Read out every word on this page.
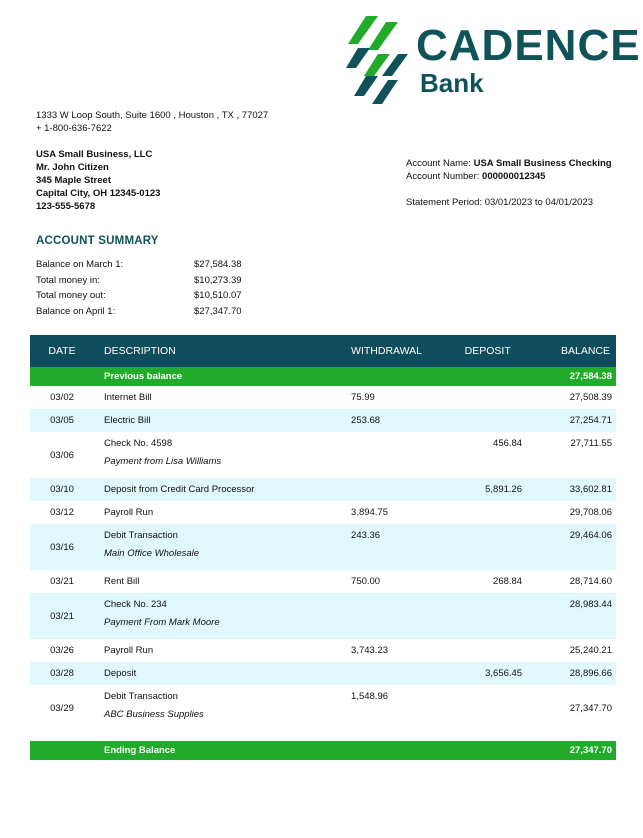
CADENCE
Bank
1333 W Loop South, Suite 1600 , Houston , TX , 77027
+ 1-800-636-7622
USA Small Business, LLC
Mr. John Citizen
345 Maple Street
Capital City, OH 12345-0123
123-555-5678
Account Name: USA Small Business Checking
Account Number: 000000012345
Statement Period: 03/01/2023 to 04/01/2023
ACCOUNT SUMMARY
Balance on March 1:	$27,584.38
Total money in:	$10,273.39
Total money out:	$10,510.07
Balance on April 1:	$27,347.70
DATE	DESCRIPTION	WITHDRAWAL	DEPOSIT	BALANCE
	Previous balance			27,584.38
03/02	Internet Bill	75.99		27,508.39
03/05	Electric Bill	253.68		27,254.71
03/06	Check No. 4598
Payment from Lisa Williams		456.84	27,711.55
03/10	Deposit from Credit Card Processor		5,891.26	33,602.81
03/12	Payroll Run	3,894.75		29,708.06
03/16	Debit Transaction
Main Office Wholesale	243.36		29,464.06
03/21	Rent Bill	750.00	268.84	28,714.60
03/21	Check No. 234
Payment From Mark Moore			28,983.44
03/26	Payroll Run	3,743.23		25,240.21
03/28	Deposit		3,656.45	28,896.66
03/29	Debit Transaction
ABC Business Supplies	1,548.96		27,347.70

	Ending Balance			27,347.70
